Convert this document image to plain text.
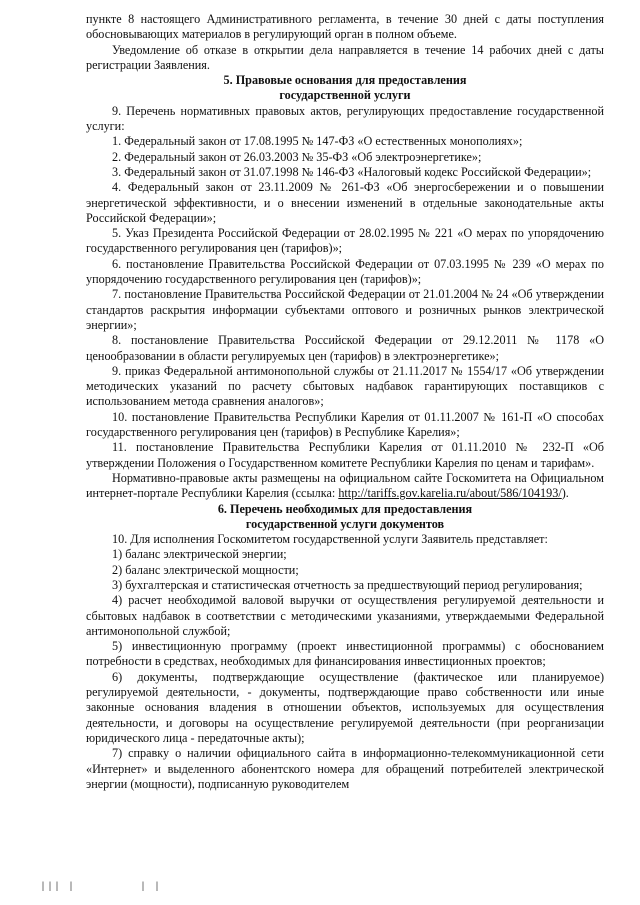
пункте 8 настоящего Административного регламента, в течение 30 дней с даты поступления обосновывающих материалов в регулирующий орган в полном объеме.

Уведомление об отказе в открытии дела направляется в течение 14 рабочих дней с даты регистрации Заявления.

5. Правовые основания для предоставления

государственной услуги

9. Перечень нормативных правовых актов, регулирующих предоставление государственной услуги:

1. Федеральный закон от 17.08.1995 № 147-ФЗ «О естественных монополиях»;

2. Федеральный закон от 26.03.2003 № 35-ФЗ «Об электроэнергетике»;

3. Федеральный закон от 31.07.1998 № 146-ФЗ «Налоговый кодекс Российской Федерации»;

4. Федеральный закон от 23.11.2009 № 261-ФЗ «Об энергосбережении и о повышении энергетической эффективности, и о внесении изменений в отдельные законодательные акты Российской Федерации»;

5. Указ Президента Российской Федерации от 28.02.1995 № 221 «О мерах по упорядочению государственного регулирования цен (тарифов)»;

6. постановление Правительства Российской Федерации от 07.03.1995 № 239 «О мерах по упорядочению государственного регулирования цен (тарифов)»;

7. постановление Правительства Российской Федерации от 21.01.2004 № 24 «Об утверждении стандартов раскрытия информации субъектами оптового и розничных рынков электрической энергии»;

8. постановление Правительства Российской Федерации от 29.12.2011 № 1178 «О ценообразовании в области регулируемых цен (тарифов) в электроэнергетике»;

9. приказ Федеральной антимонопольной службы от 21.11.2017 № 1554/17 «Об утверждении методических указаний по расчету сбытовых надбавок гарантирующих поставщиков с использованием метода сравнения аналогов»;

10. постановление Правительства Республики Карелия от 01.11.2007 № 161-П «О способах государственного регулирования цен (тарифов) в Республике Карелия»;

11. постановление Правительства Республики Карелия от 01.11.2010 № 232-П «Об утверждении Положения о Государственном комитете Республики Карелия по ценам и тарифам».

Нормативно-правовые акты размещены на официальном сайте Госкомитета на Официальном интернет-портале Республики Карелия (ссылка: http://tariffs.gov.karelia.ru/about/586/104193/).

6. Перечень необходимых для предоставления

государственной услуги документов

10. Для исполнения Госкомитетом государственной услуги Заявитель представляет:

1) баланс электрической энергии;

2) баланс электрической мощности;

3) бухгалтерская и статистическая отчетность за предшествующий период регулирования;

4) расчет необходимой валовой выручки от осуществления регулируемой деятельности и сбытовых надбавок в соответствии с методическими указаниями, утверждаемыми Федеральной антимонопольной службой;

5) инвестиционную программу (проект инвестиционной программы) с обоснованием потребности в средствах, необходимых для финансирования инвестиционных проектов;

6) документы, подтверждающие осуществление (фактическое или планируемое) регулируемой деятельности, - документы, подтверждающие право собственности или иные законные основания владения в отношении объектов, используемых для осуществления деятельности, и договоры на осуществление регулируемой деятельности (при реорганизации юридического лица - передаточные акты);

7) справку о наличии официального сайта в информационно-телекоммуникационной сети «Интернет» и выделенного абонентского номера для обращений потребителей электрической энергии (мощности), подписанную руководителем

||| |	| |
